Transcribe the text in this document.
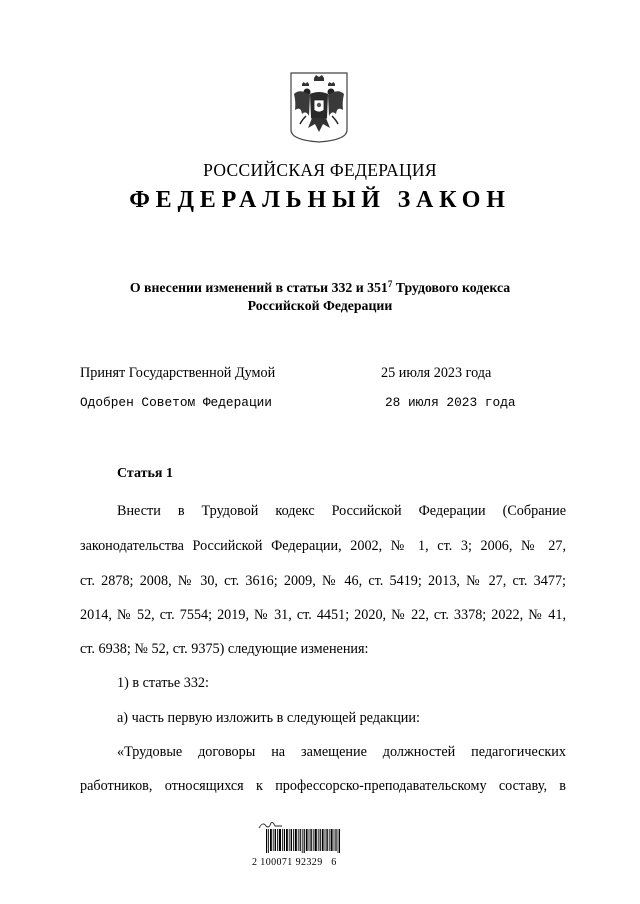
РОССИЙСКАЯ ФЕДЕРАЦИЯ
ФЕДЕРАЛЬНЫЙ ЗАКОН
О внесении изменений в статьи 332 и $351^7$ Трудового кодекса
Российской Федерации
Принят Государственной Думой	25 июля 2023 года
Одобрен Советом Федерации	28 июля 2023 года
Статья 1
Внести в Трудовой кодекс Российской Федерации (Собрание
законодательства Российской Федерации, 2002, № 1, ст. 3; 2006, № 27,
ст. 2878; 2008, № 30, ст. 3616; 2009, № 46, ст. 5419; 2013, № 27, ст. 3477;
2014, № 52, ст. 7554; 2019, № 31, ст. 4451; 2020, № 22, ст. 3378; 2022, № 41,
ст. 6938; № 52, ст. 9375) следующие изменения:
1) в статье 332:
а) часть первую изложить в следующей редакции:
«Трудовые договоры на замещение должностей педагогических
работников, относящихся к профессорско-преподавательскому составу, в
2 100071 92329   6
